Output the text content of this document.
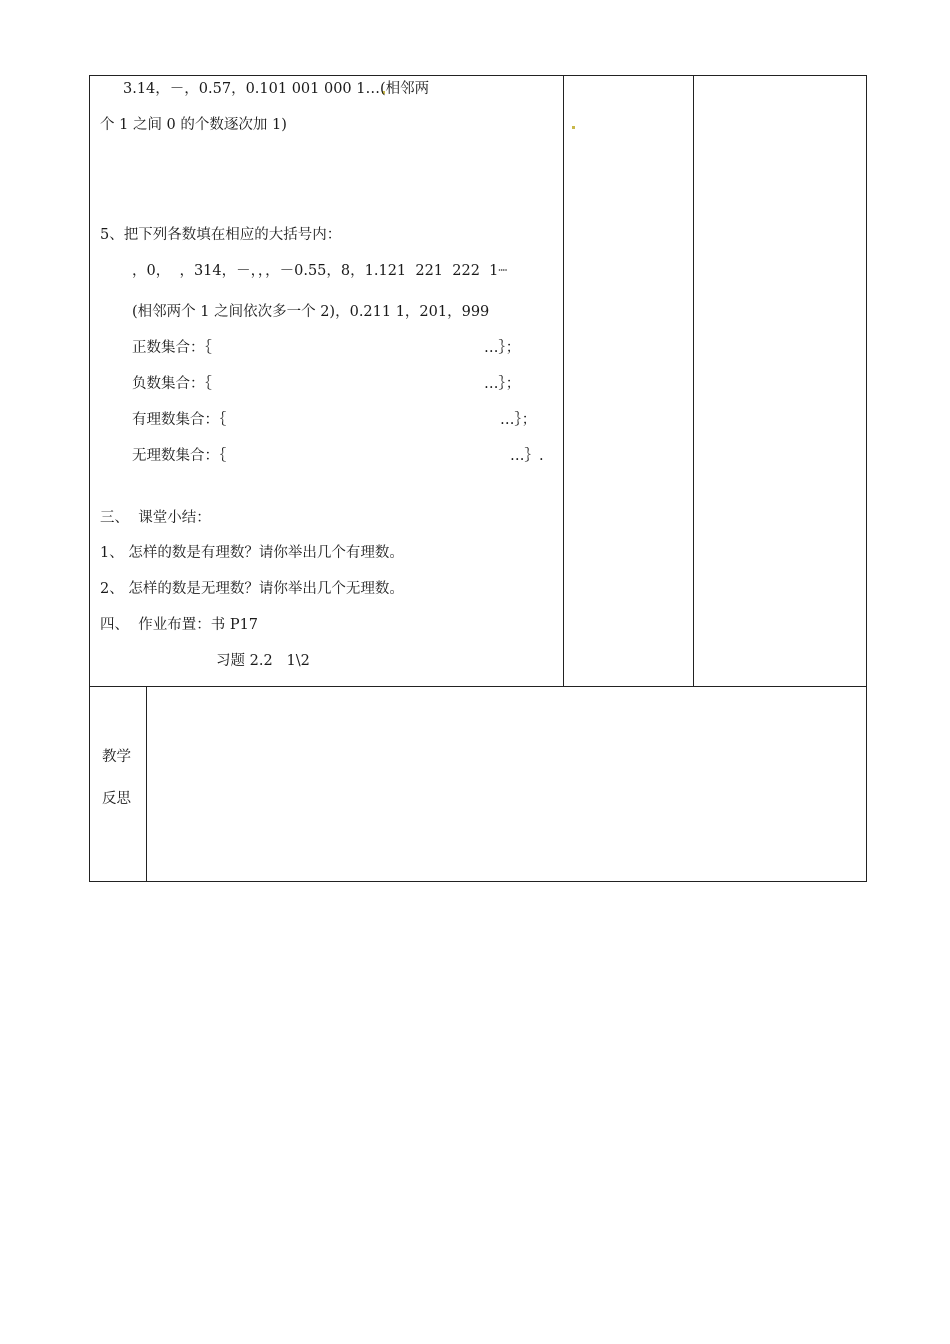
3.14，－，0.57，0.101 001 000 1…(相邻两
个 1 之间 0 的个数逐次加 1)
5、把下列各数填在相应的大括号内：
，0，  ，314，－，，，－0.55，8，1.121  221  222  1┈
(相邻两个 1 之间依次多一个 2)，0.211 1，201，999
正数集合：｛	…｝；
负数集合：｛	…｝；
有理数集合：｛	…｝；
无理数集合：｛	…｝.
三、  课堂小结：
1、 怎样的数是有理数？请你举出几个有理数。
2、 怎样的数是无理数？请你举出几个无理数。
四、  作业布置：书 P17
习题 2.2   1\2
教学
反思
